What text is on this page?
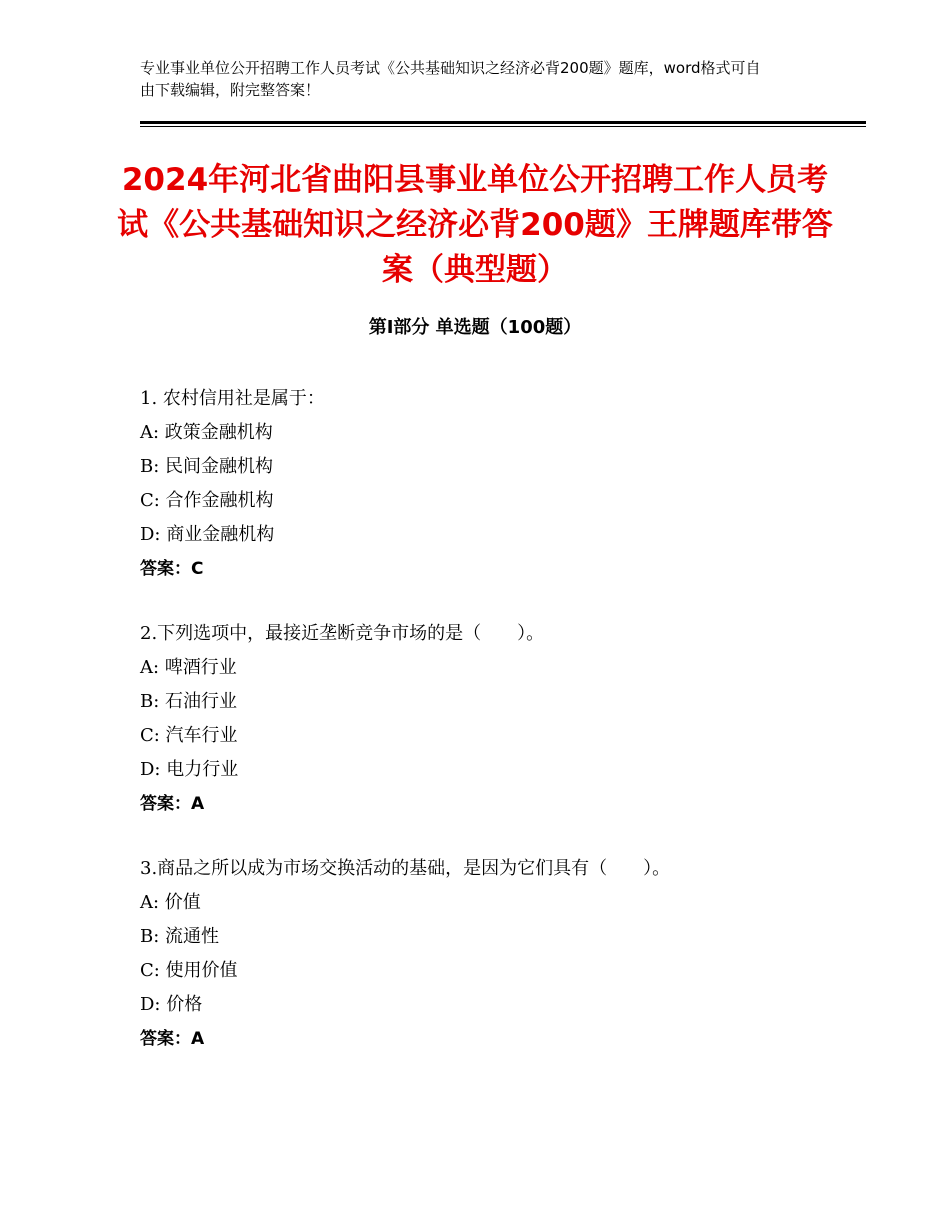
专业事业单位公开招聘工作人员考试《公共基础知识之经济必背200题》题库，word格式可自由下载编辑，附完整答案！
2024年河北省曲阳县事业单位公开招聘工作人员考试《公共基础知识之经济必背200题》王牌题库带答案（典型题）
第Ⅰ部分 单选题（100题）
1. 农村信用社是属于：
A: 政策金融机构
B: 民间金融机构
C: 合作金融机构
D: 商业金融机构
答案：C
2.下列选项中，最接近垄断竞争市场的是（　　）。
A: 啤酒行业
B: 石油行业
C: 汽车行业
D: 电力行业
答案：A
3.商品之所以成为市场交换活动的基础，是因为它们具有（　　）。
A: 价值
B: 流通性
C: 使用价值
D: 价格
答案：A
